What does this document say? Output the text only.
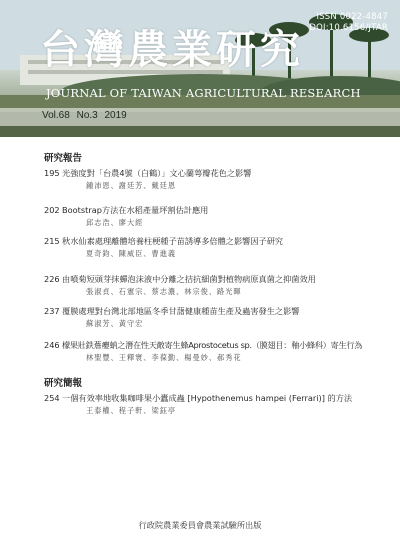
ISSN 0022-4847
DOI:10.6156/JTAR
台灣農業研究
JOURNAL OF TAIWAN AGRICULTURAL RESEARCH
Vol.68 No.3 2019
研究報告
195 光強度對「台農4號（白鶴）」文心蘭萼瓣花色之影響
鍾沛恩、謝廷芳、戴廷恩
202 Bootstrap方法在水稻產量坪割估計應用
邱志浩、廖大經
215 秋水仙素處理離體培養柱梗種子苗誘導多倍體之影響因子研究
夏奇鈞、陳威臣、曹進義
226 由噴菊短頭芽抹蟬泡沫液中分離之拮抗細菌對植物病原真菌之抑菌效用
張淑貞、石憲宗、蔡志濃、林宗俊、路光暉
237 覆膜處理對台灣北部地區冬季甘藷健康種苗生產及蟲害發生之影響
蘇淑芳、黃守宏
246 檬果壯鉄薝癭蚋之潛在性天敵寄生蜂Aprostocetus sp.（膜翅目：釉小蜂科）寄生行為
林聖豐、王釋寰、李葆勤、楊曼妙、郝秀花
研究簡報
254 一個有效率地收集咖啡果小蠹成蟲 [Hypothenemus hampei (Ferrari)] 的方法
王泰權、程子軒、梁鈺亭
行政院農業委員會農業試驗所出版
